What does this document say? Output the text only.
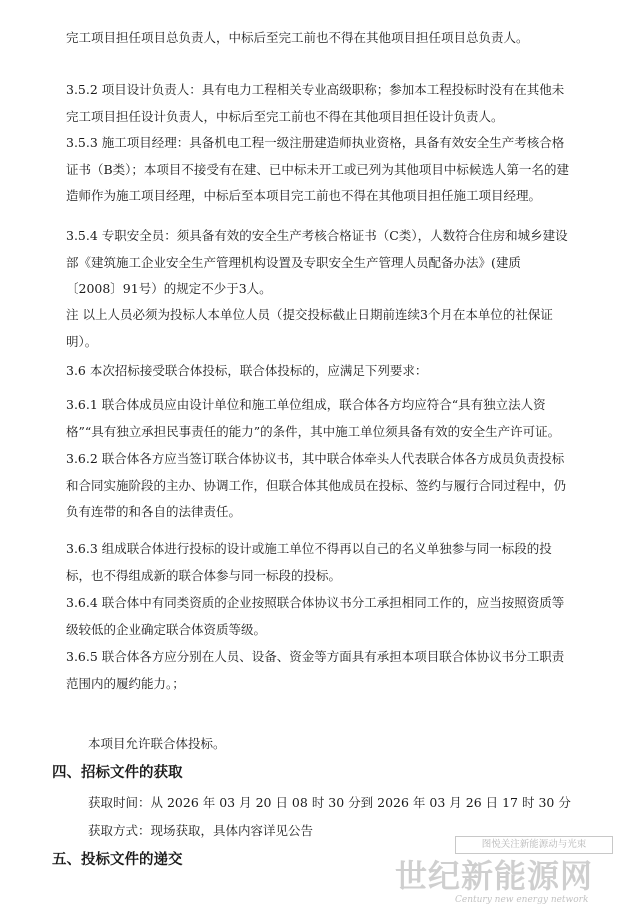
完工项目担任项目总负责人，中标后至完工前也不得在其他项目担任项目总负责人。

3.5.2 项目设计负责人：具有电力工程相关专业高级职称；参加本工程投标时没有在其他未完工项目担任设计负责人，中标后至完工前也不得在其他项目担任设计负责人。

3.5.3 施工项目经理：具备机电工程一级注册建造师执业资格，具备有效安全生产考核合格证书（B类）；本项目不接受有在建、已中标未开工或已列为其他项目中标候选人第一名的建造师作为施工项目经理，中标后至本项目完工前也不得在其他项目担任施工项目经理。

3.5.4 专职安全员：须具备有效的安全生产考核合格证书（C类），人数符合住房和城乡建设部《建筑施工企业安全生产管理机构设置及专职安全生产管理人员配备办法》(建质〔2008〕91号）的规定不少于3人。

注 以上人员必须为投标人本单位人员（提交投标截止日期前连续3个月在本单位的社保证明）。

3.6 本次招标接受联合体投标，联合体投标的，应满足下列要求：

3.6.1 联合体成员应由设计单位和施工单位组成，联合体各方均应符合“具有独立法人资格”“具有独立承担民事责任的能力”的条件，其中施工单位须具备有效的安全生产许可证。

3.6.2 联合体各方应当签订联合体协议书，其中联合体牵头人代表联合体各方成员负责投标和合同实施阶段的主办、协调工作，但联合体其他成员在投标、签约与履行合同过程中，仍负有连带的和各自的法律责任。

3.6.3 组成联合体进行投标的设计或施工单位不得再以自己的名义单独参与同一标段的投标，也不得组成新的联合体参与同一标段的投标。

3.6.4 联合体中有同类资质的企业按照联合体协议书分工承担相同工作的，应当按照资质等级较低的企业确定联合体资质等级。

3.6.5 联合体各方应分别在人员、设备、资金等方面具有承担本项目联合体协议书分工职责范围内的履约能力。；

本项目允许联合体投标。

四、招标文件的获取

获取时间：从 2026 年 03 月 20 日 08 时 30 分到 2026 年 03 月 26 日 17 时 30 分

获取方式：现场获取，具体内容详见公告

五、投标文件的递交
图悦关注新能源动与光束
世纪新能源网
Century new energy network
